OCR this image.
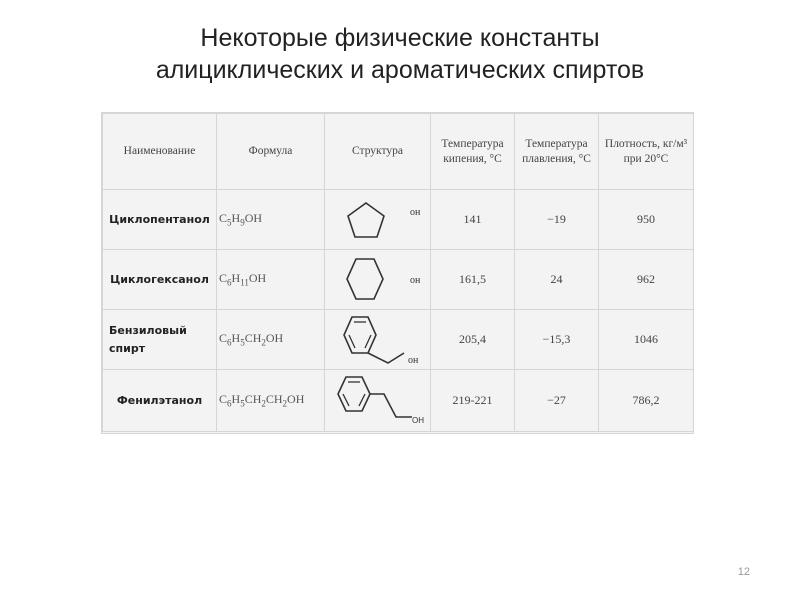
Некоторые физические константы
алициклических и ароматических спиртов
Наименование	Формула	Структура	Температура кипения, °С	Температура плавления, °С	Плотность, кг/м³ при 20°С
Циклопентанол	$C_5H_9OH$	он	141	−19	950
Циклогексанол	$C_6H_{11}OH$	он	161,5	24	962
Бензиловый спирт	$C_6H_5CH_2OH$	он	205,4	−15,3	1046
Фенилэтанол	$C_6H_5CH_2CH_2OH$	OH	219-221	−27	786,2
12
